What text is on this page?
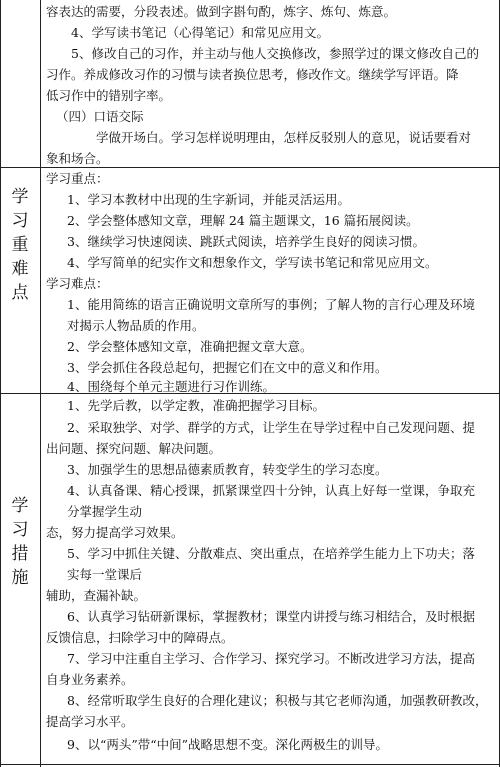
容表达的需要，分段表述。做到字斟句酌，炼字、炼句、炼意。
4、学写读书笔记（心得笔记）和常见应用文。
5、修改自己的习作，并主动与他人交换修改，参照学过的课文修改自己的
习作。养成修改习作的习惯与读者换位思考，修改作文。继续学写评语。降
低习作中的错别字率。
（四）口语交际
学做开场白。学习怎样说明理由，怎样反驳别人的意见，说话要看对
象和场合。
学
习
重
难
点
学习重点：
1、学习本教材中出现的生字新词，并能灵活运用。
2、学会整体感知文章，理解 24 篇主题课文，16 篇拓展阅读。
3、继续学习快速阅读、跳跃式阅读，培养学生良好的阅读习惯。
4、学写简单的纪实作文和想象作文，学写读书笔记和常见应用文。
学习难点：
1、能用简练的语言正确说明文章所写的事例；了解人物的言行心理及环境
对揭示人物品质的作用。
2、学会整体感知文章，准确把握文章大意。
3、学会抓住各段总起句，把握它们在文中的意义和作用。
4、围绕每个单元主题进行习作训练。
学
习
措
施
1、先学后教，以学定教，准确把握学习目标。
2、采取独学、对学、群学的方式，让学生在导学过程中自己发现问题、提
出问题、探究问题、解决问题。
3、加强学生的思想品德素质教育，转变学生的学习态度。
4、认真备课、精心授课，抓紧课堂四十分钟，认真上好每一堂课，争取充
分掌握学生动
态，努力提高学习效果。
5、学习中抓住关键、分散难点、突出重点，在培养学生能力上下功夫；落
实每一堂课后
辅助，查漏补缺。
6、认真学习钻研新课标，掌握教材；课堂内讲授与练习相结合，及时根据
反馈信息，扫除学习中的障碍点。
7、学习中注重自主学习、合作学习、探究学习。不断改进学习方法，提高
自身业务素养。
8、经常听取学生良好的合理化建议；积极与其它老师沟通，加强教研教改，
提高学习水平。
9、以“两头”带“中间”战略思想不变。深化两极生的训导。
